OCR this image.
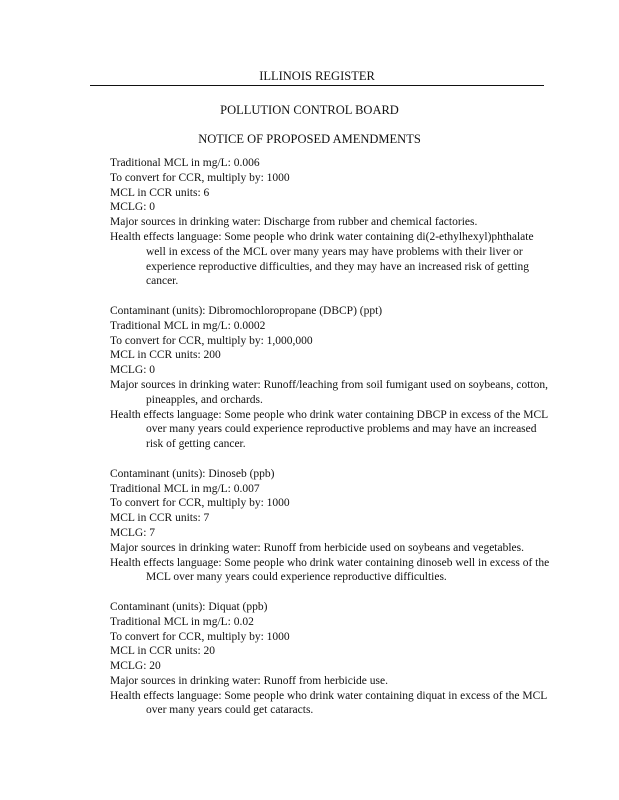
ILLINOIS REGISTER
POLLUTION CONTROL BOARD
NOTICE OF PROPOSED AMENDMENTS
Traditional MCL in mg/L: 0.006
To convert for CCR, multiply by: 1000
MCL in CCR units: 6
MCLG: 0
Major sources in drinking water: Discharge from rubber and chemical factories.
Health effects language: Some people who drink water containing di(2-ethylhexyl)phthalate well in excess of the MCL over many years may have problems with their liver or experience reproductive difficulties, and they may have an increased risk of getting cancer.
Contaminant (units): Dibromochloropropane (DBCP) (ppt)
Traditional MCL in mg/L: 0.0002
To convert for CCR, multiply by: 1,000,000
MCL in CCR units: 200
MCLG: 0
Major sources in drinking water: Runoff/leaching from soil fumigant used on soybeans, cotton, pineapples, and orchards.
Health effects language: Some people who drink water containing DBCP in excess of the MCL over many years could experience reproductive problems and may have an increased risk of getting cancer.
Contaminant (units): Dinoseb (ppb)
Traditional MCL in mg/L: 0.007
To convert for CCR, multiply by: 1000
MCL in CCR units: 7
MCLG: 7
Major sources in drinking water: Runoff from herbicide used on soybeans and vegetables.
Health effects language: Some people who drink water containing dinoseb well in excess of the MCL over many years could experience reproductive difficulties.
Contaminant (units): Diquat (ppb)
Traditional MCL in mg/L: 0.02
To convert for CCR, multiply by: 1000
MCL in CCR units: 20
MCLG: 20
Major sources in drinking water: Runoff from herbicide use.
Health effects language: Some people who drink water containing diquat in excess of the MCL over many years could get cataracts.
